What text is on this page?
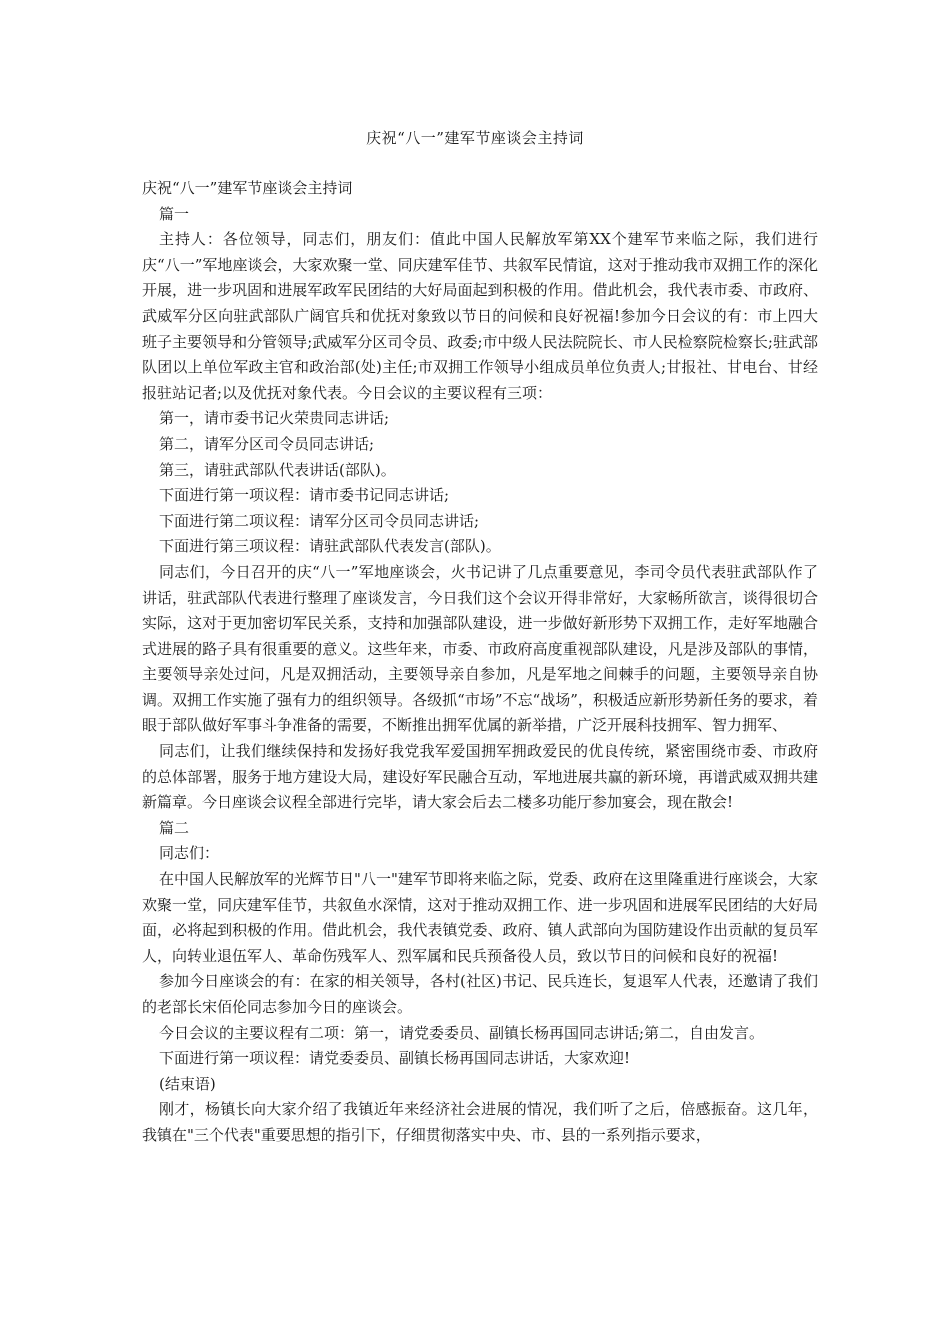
庆祝“八一”建军节座谈会主持词

庆祝“八一”建军节座谈会主持词

篇一

主持人：各位领导，同志们，朋友们：值此中国人民解放军第XX个建军节来临之际，我们进行庆“八一”军地座谈会，大家欢聚一堂、同庆建军佳节、共叙军民情谊，这对于推动我市双拥工作的深化开展，进一步巩固和进展军政军民团结的大好局面起到积极的作用。借此机会，我代表市委、市政府、武威军分区向驻武部队广阔官兵和优抚对象致以节日的问候和良好祝福!参加今日会议的有：市上四大班子主要领导和分管领导;武威军分区司令员、政委;市中级人民法院院长、市人民检察院检察长;驻武部队团以上单位军政主官和政治部(处)主任;市双拥工作领导小组成员单位负责人;甘报社、甘电台、甘经报驻站记者;以及优抚对象代表。今日会议的主要议程有三项：

第一，请市委书记火荣贵同志讲话;

第二，请军分区司令员同志讲话;

第三，请驻武部队代表讲话(部队)。

下面进行第一项议程：请市委书记同志讲话;

下面进行第二项议程：请军分区司令员同志讲话;

下面进行第三项议程：请驻武部队代表发言(部队)。

同志们，今日召开的庆“八一”军地座谈会，火书记讲了几点重要意见，李司令员代表驻武部队作了讲话，驻武部队代表进行整理了座谈发言，今日我们这个会议开得非常好，大家畅所欲言，谈得很切合实际，这对于更加密切军民关系，支持和加强部队建设，进一步做好新形势下双拥工作，走好军地融合式进展的路子具有很重要的意义。这些年来，市委、市政府高度重视部队建设，凡是涉及部队的事情，主要领导亲处过问，凡是双拥活动，主要领导亲自参加，凡是军地之间棘手的问题，主要领导亲自协调。双拥工作实施了强有力的组织领导。各级抓“市场”不忘“战场”，积极适应新形势新任务的要求，着眼于部队做好军事斗争准备的需要，不断推出拥军优属的新举措，广泛开展科技拥军、智力拥军、

同志们，让我们继续保持和发扬好我党我军爱国拥军拥政爱民的优良传统，紧密围绕市委、市政府的总体部署，服务于地方建设大局，建设好军民融合互动，军地进展共赢的新环境，再谱武威双拥共建新篇章。今日座谈会议程全部进行完毕，请大家会后去二楼多功能厅参加宴会，现在散会!

篇二

同志们：

在中国人民解放军的光辉节日"八一"建军节即将来临之际，党委、政府在这里隆重进行座谈会，大家欢聚一堂，同庆建军佳节，共叙鱼水深情，这对于推动双拥工作、进一步巩固和进展军民团结的大好局面，必将起到积极的作用。借此机会，我代表镇党委、政府、镇人武部向为国防建设作出贡献的复员军人，向转业退伍军人、革命伤残军人、烈军属和民兵预备役人员，致以节日的问候和良好的祝福!

参加今日座谈会的有：在家的相关领导，各村(社区)书记、民兵连长，复退军人代表，还邀请了我们的老部长宋佰伦同志参加今日的座谈会。

今日会议的主要议程有二项：第一，请党委委员、副镇长杨再国同志讲话;第二，自由发言。

下面进行第一项议程：请党委委员、副镇长杨再国同志讲话，大家欢迎!

(结束语)

刚才，杨镇长向大家介绍了我镇近年来经济社会进展的情况，我们听了之后，倍感振奋。这几年，我镇在"三个代表"重要思想的指引下，仔细贯彻落实中央、市、县的一系列指示要求，
